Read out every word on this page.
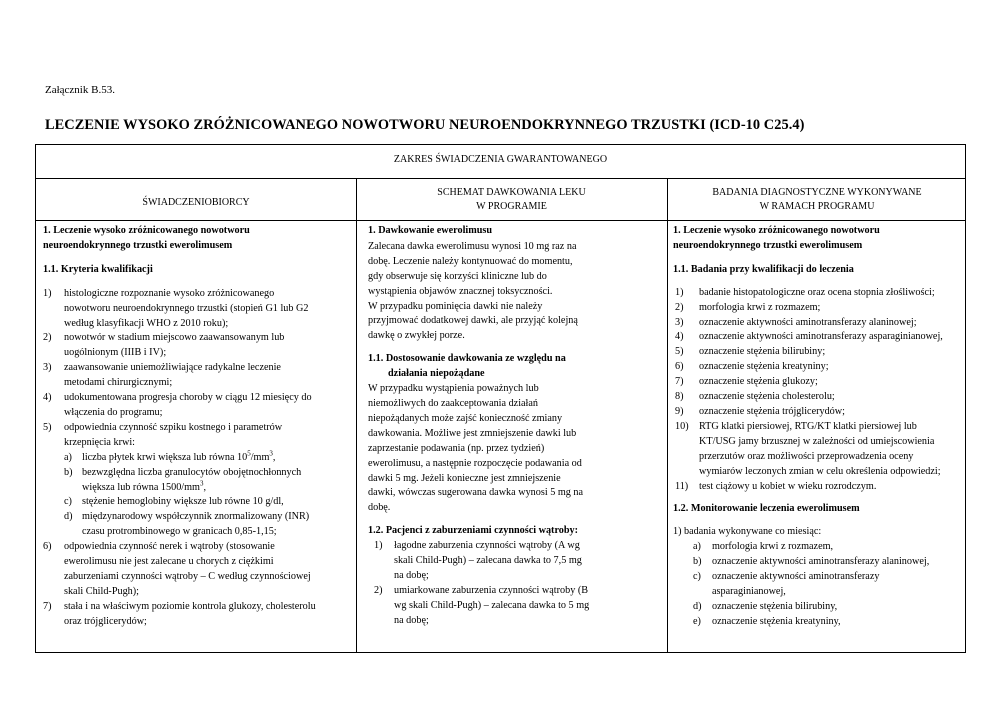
Załącznik B.53.
LECZENIE WYSOKO ZRÓŻNICOWANEGO NOWOTWORU NEUROENDOKRYNNEGO TRZUSTKI (ICD-10 C25.4)
ZAKRES ŚWIADCZENIA GWARANTOWANEGO
ŚWIADCZENIOBIORCY
SCHEMAT DAWKOWANIA LEKU
W PROGRAMIE
BADANIA DIAGNOSTYCZNE WYKONYWANE
W RAMACH PROGRAMU

1. Leczenie wysoko zróżnicowanego nowotworu
neuroendokrynnego trzustki ewerolimusem

1.1. Kryteria kwalifikacji

1) histologiczne rozpoznanie wysoko zróżnicowanego
nowotworu neuroendokrynnego trzustki (stopień G1 lub G2
według klasyfikacji WHO z 2010 roku);
2) nowotwór w stadium miejscowo zaawansowanym lub
uogólnionym (IIIB i IV);
3) zaawansowanie uniemożliwiające radykalne leczenie
metodami chirurgicznymi;
4) udokumentowana progresja choroby w ciągu 12 miesięcy do
włączenia do programu;
5) odpowiednia czynność szpiku kostnego i parametrów
krzepnięcia krwi:
a) liczba płytek krwi większa lub równa $10^5/mm^3$,
b) bezwzględna liczba granulocytów obojętnochłonnych
większa lub równa $1500/mm^3$,
c) stężenie hemoglobiny większe lub równe 10 g/dl,
d) międzynarodowy współczynnik znormalizowany (INR)
czasu protrombinowego w granicach 0,85-1,15;
6) odpowiednia czynność nerek i wątroby (stosowanie
ewerolimusu nie jest zalecane u chorych z ciężkimi
zaburzeniami czynności wątroby – C według czynnościowej
skali Child-Pugh);
7) stała i na właściwym poziomie kontrola glukozy, cholesterolu
oraz trójglicerydów;

1. Dawkowanie ewerolimusu

Zalecana dawka ewerolimusu wynosi 10 mg raz na
dobę. Leczenie należy kontynuować do momentu,
gdy obserwuje się korzyści kliniczne lub do
wystąpienia objawów znacznej toksyczności.
W przypadku pominięcia dawki nie należy
przyjmować dodatkowej dawki, ale przyjąć kolejną
dawkę o zwykłej porze.

1.1. Dostosowanie dawkowania ze względu na
działania niepożądane

W przypadku wystąpienia poważnych lub
niemożliwych do zaakceptowania działań
niepożądanych może zajść konieczność zmiany
dawkowania. Możliwe jest zmniejszenie dawki lub
zaprzestanie podawania (np. przez tydzień)
ewerolimusu, a następnie rozpoczęcie podawania od
dawki 5 mg. Jeżeli konieczne jest zmniejszenie
dawki, wówczas sugerowana dawka wynosi 5 mg na
dobę.

1.2. Pacjenci z zaburzeniami czynności wątroby:

1) łagodne zaburzenia czynności wątroby (A wg
skali Child-Pugh) – zalecana dawka to 7,5 mg
na dobę;
2) umiarkowane zaburzenia czynności wątroby (B
wg skali Child-Pugh) – zalecana dawka to 5 mg
na dobę;

1. Leczenie wysoko zróżnicowanego nowotworu
neuroendokrynnego trzustki ewerolimusem

1.1. Badania przy kwalifikacji do leczenia

1) badanie histopatologiczne oraz ocena stopnia złośliwości;
2) morfologia krwi z rozmazem;
3) oznaczenie aktywności aminotransferazy alaninowej;
4) oznaczenie aktywności aminotransferazy asparaginianowej,
5) oznaczenie stężenia bilirubiny;
6) oznaczenie stężenia kreatyniny;
7) oznaczenie stężenia glukozy;
8) oznaczenie stężenia cholesterolu;
9) oznaczenie stężenia trójglicerydów;
10) RTG klatki piersiowej, RTG/KT klatki piersiowej lub
KT/USG jamy brzusznej w zależności od umiejscowienia
przerzutów oraz możliwości przeprowadzenia oceny
wymiarów leczonych zmian w celu określenia odpowiedzi;
11) test ciążowy u kobiet w wieku rozrodczym.

1.2. Monitorowanie leczenia ewerolimusem

1) badania wykonywane co miesiąc:

a) morfologia krwi z rozmazem,
b) oznaczenie aktywności aminotransferazy alaninowej,
c) oznaczenie aktywności aminotransferazy
asparaginianowej,
d) oznaczenie stężenia bilirubiny,
e) oznaczenie stężenia kreatyniny,
